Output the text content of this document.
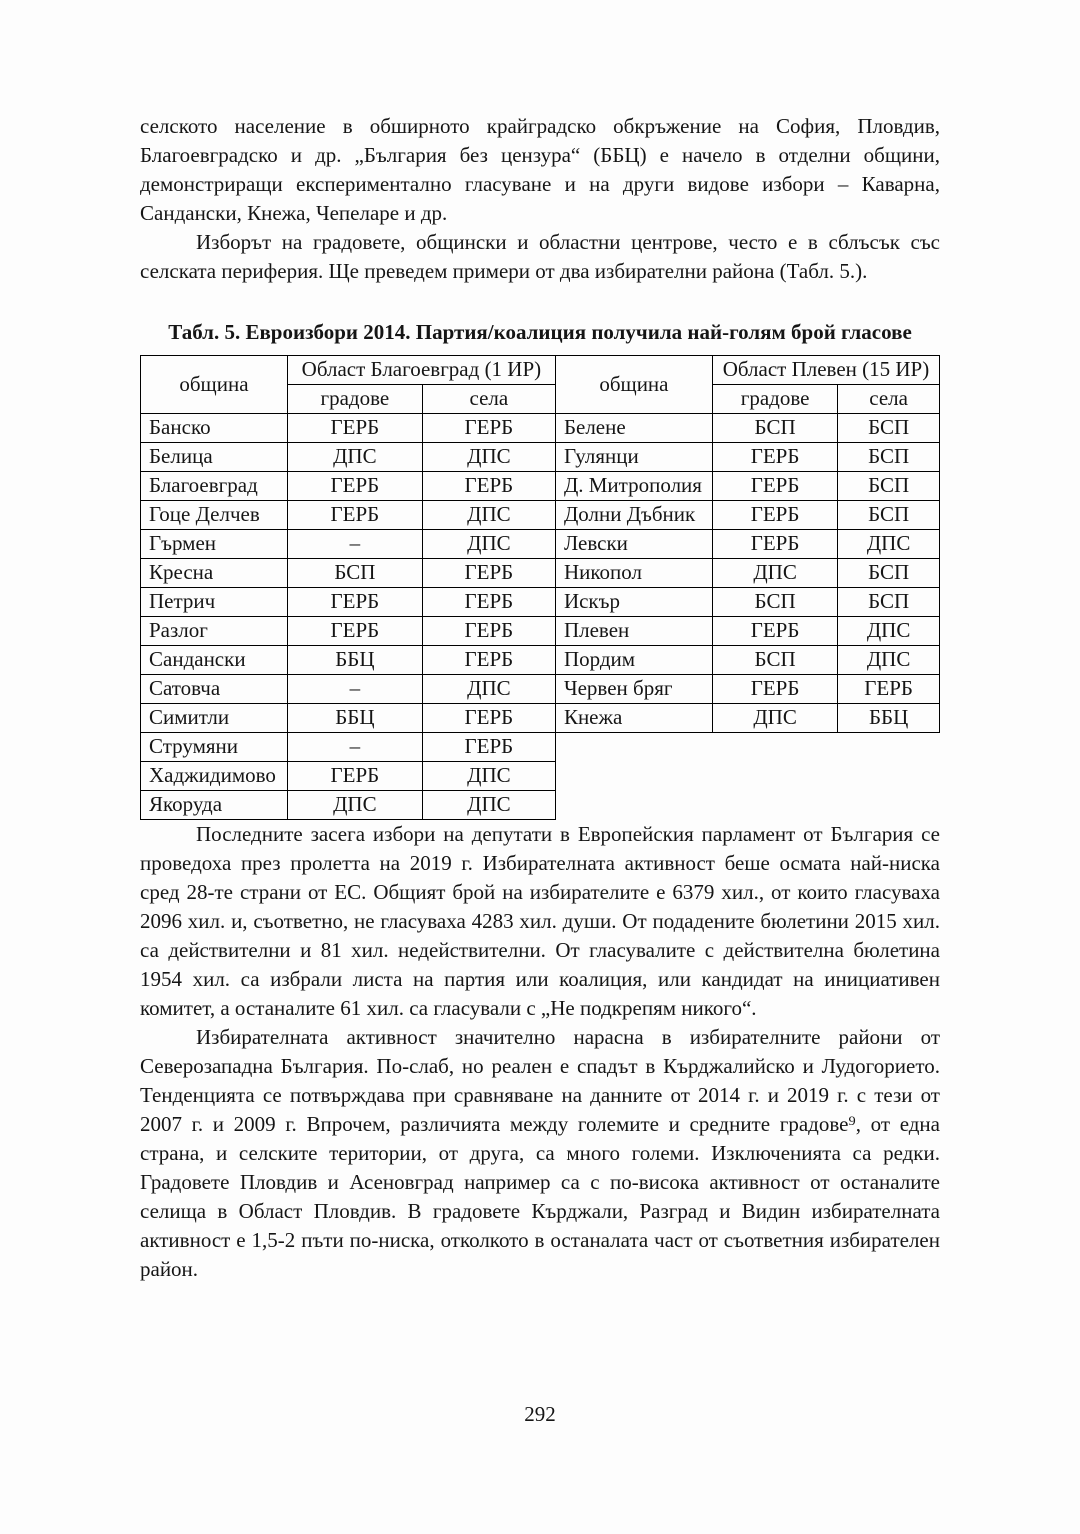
селското население в обширното крайградско обкръжение на София, Пловдив, Благоевградско и др. „България без цензура“ (ББЦ) е начело в отделни общини, демонстриращи експериментално гласуване и на други видове избори – Каварна, Сандански, Кнежа, Чепеларе и др.

Изборът на градовете, общински и областни центрове, често е в сблъсък със селската периферия. Ще преведем примери от два избирателни района (Табл. 5.).

Табл. 5. Евроизбори 2014. Партия/коалиция получила най-голям брой гласове
община	Област Благоевград (1 ИР)	
	градове	села
Банско	ГЕРБ	ГЕРБ
Белица	ДПС	ДПС
Благоевград	ГЕРБ	ГЕРБ
Гоце Делчев	ГЕРБ	ДПС
Гърмен	–	ДПС
Кресна	БСП	ГЕРБ
Петрич	ГЕРБ	ГЕРБ
Разлог	ГЕРБ	ГЕРБ
Сандански	ББЦ	ГЕРБ
Сатовча	–	ДПС
Симитли	ББЦ	ГЕРБ
Струмяни	–	ГЕРБ
Хаджидимово	ГЕРБ	ДПС
Якоруда	ДПС	ДПС
община	Област Плевен (15 ИР)	
	градове	села
Белене	БСП	БСП
Гулянци	ГЕРБ	БСП
Д. Митрополия	ГЕРБ	БСП
Долни Дъбник	ГЕРБ	БСП
Левски	ГЕРБ	ДПС
Никопол	ДПС	БСП
Искър	БСП	БСП
Плевен	ГЕРБ	ДПС
Пордим	БСП	ДПС
Червен бряг	ГЕРБ	ГЕРБ
Кнежа	ДПС	ББЦ

Последните засега избори на депутати в Европейския парламент от България се проведоха през пролетта на 2019 г. Избирателната активност беше осмата най-ниска сред 28-те страни от ЕС. Общият брой на избирателите е 6379 хил., от които гласуваха 2096 хил. и, съответно, не гласуваха 4283 хил. души. От подадените бюлетини 2015 хил. са действителни и 81 хил. недействителни. От гласувалите с действителна бюлетина 1954 хил. са избрали листа на партия или коалиция, или кандидат на инициативен комитет, а останалите 61 хил. са гласували с „Не подкрепям никого“.

Избирателната активност значително нарасна в избирателните райони от Северозападна България. По-слаб, но реален е спадът в Кърджалийско и Лудогорието. Тенденцията се потвърждава при сравняване на данните от 2014 г. и 2019 г. с тези от 2007 г. и 2009 г. Впрочем, различията между големите и средните градове⁹, от една страна, и селските територии, от друга, са много големи. Изключенията са редки. Градовете Пловдив и Асеновград например са с по-висока активност от останалите селища в Област Пловдив. В градовете Кърджали, Разград и Видин избирателната активност е 1,5-2 пъти по-ниска, отколкото в останалата част от съответния избирателен район.

292
